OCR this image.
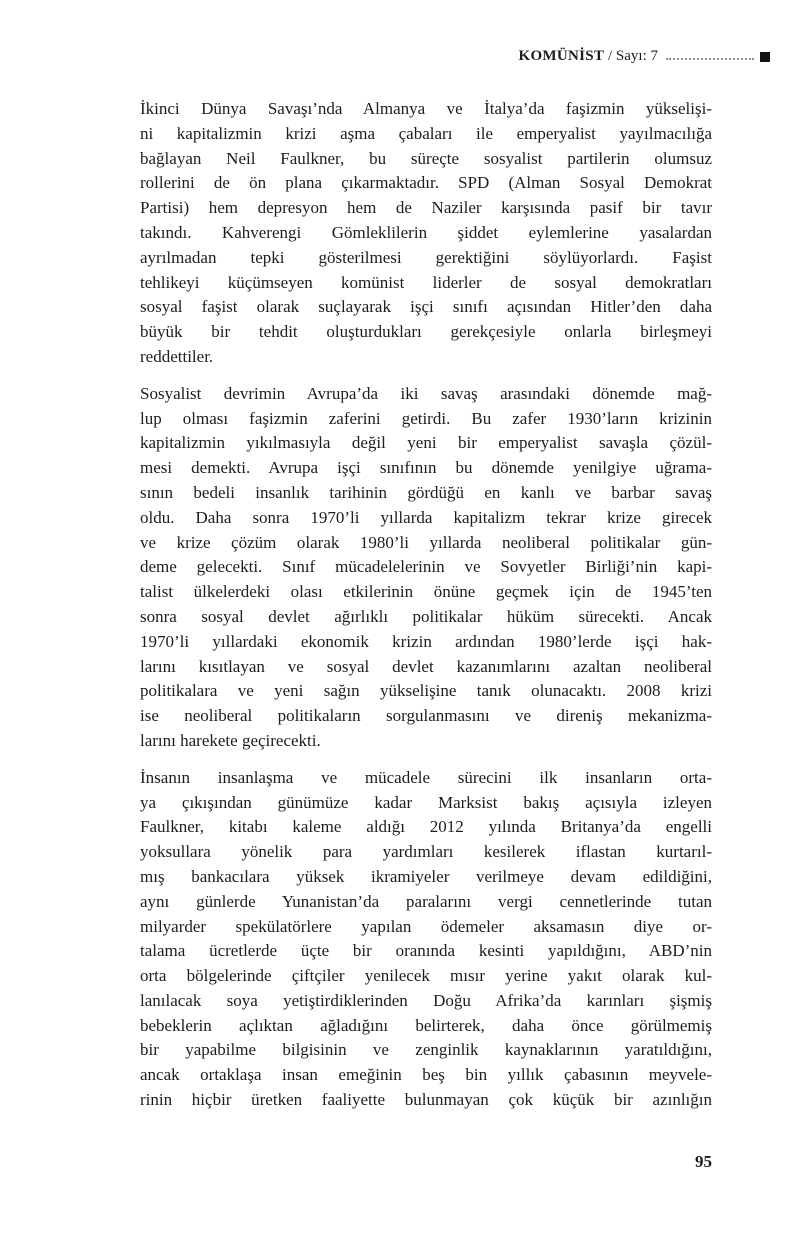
KOMÜNİST / Sayı: 7
İkinci Dünya Savaşı’nda Almanya ve İtalya’da faşizmin yükselişi-
ni kapitalizmin krizi aşma çabaları ile emperyalist yayılmacılığa
bağlayan Neil Faulkner, bu süreçte sosyalist partilerin olumsuz
rollerini de ön plana çıkarmaktadır. SPD (Alman Sosyal Demokrat
Partisi) hem depresyon hem de Naziler karşısında pasif bir tavır
takındı. Kahverengi Gömleklilerin şiddet eylemlerine yasalardan
ayrılmadan tepki gösterilmesi gerektiğini söylüyorlardı. Faşist
tehlikeyi küçümseyen komünist liderler de sosyal demokratları
sosyal faşist olarak suçlayarak işçi sınıfı açısından Hitler’den daha
büyük bir tehdit oluşturdukları gerekçesiyle onlarla birleşmeyi
reddettiler.
Sosyalist devrimin Avrupa’da iki savaş arasındaki dönemde mağ-
lup olması faşizmin zaferini getirdi. Bu zafer 1930’ların krizinin
kapitalizmin yıkılmasıyla değil yeni bir emperyalist savaşla çözül-
mesi demekti. Avrupa işçi sınıfının bu dönemde yenilgiye uğrama-
sının bedeli insanlık tarihinin gördüğü en kanlı ve barbar savaş
oldu. Daha sonra 1970’li yıllarda kapitalizm tekrar krize girecek
ve krize çözüm olarak 1980’li yıllarda neoliberal politikalar gün-
deme gelecekti. Sınıf mücadelelerinin ve Sovyetler Birliği’nin kapi-
talist ülkelerdeki olası etkilerinin önüne geçmek için de 1945’ten
sonra sosyal devlet ağırlıklı politikalar hüküm sürecekti. Ancak
1970’li yıllardaki ekonomik krizin ardından 1980’lerde işçi hak-
larını kısıtlayan ve sosyal devlet kazanımlarını azaltan neoliberal
politikalara ve yeni sağın yükselişine tanık olunacaktı. 2008 krizi
ise neoliberal politikaların sorgulanmasını ve direniş mekanizma-
larını harekete geçirecekti.
İnsanın insanlaşma ve mücadele sürecini ilk insanların orta-
ya çıkışından günümüze kadar Marksist bakış açısıyla izleyen
Faulkner, kitabı kaleme aldığı 2012 yılında Britanya’da engelli
yoksullara yönelik para yardımları kesilerek iflastan kurtarıl-
mış bankacılara yüksek ikramiyeler verilmeye devam edildiğini,
aynı günlerde Yunanistan’da paralarını vergi cennetlerinde tutan
milyarder spekülatörlere yapılan ödemeler aksamasın diye or-
talama ücretlerde üçte bir oranında kesinti yapıldığını, ABD’nin
orta bölgelerinde çiftçiler yenilecek mısır yerine yakıt olarak kul-
lanılacak soya yetiştirdiklerinden Doğu Afrika’da karınları şişmiş
bebeklerin açlıktan ağladığını belirterek, daha önce görülmemiş
bir yapabilme bilgisinin ve zenginlik kaynaklarının yaratıldığını,
ancak ortaklaşa insan emeğinin beş bin yıllık çabasının meyvele-
rinin hiçbir üretken faaliyette bulunmayan çok küçük bir azınlığın
95
